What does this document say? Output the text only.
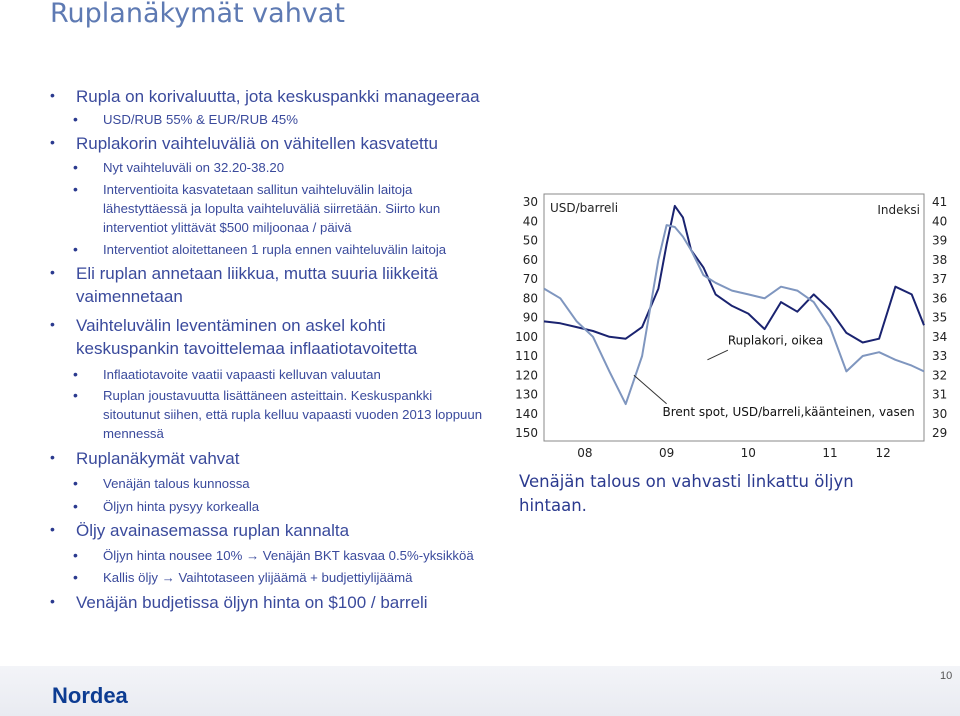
Ruplanäkymät vahvat
• Rupla on korivaluutta, jota keskuspankki manageeraa
• USD/RUB 55% & EUR/RUB 45%
• Ruplakorin vaihteluväliä on vähitellen kasvatettu
• Nyt vaihteluväli on 32.20-38.20
• Interventioita kasvatetaan sallitun vaihteluvälin laitoja
lähestyttäessä ja lopulta vaihteluväliä siirretään. Siirto kun
interventiot ylittävät $500 miljoonaa / päivä
• Interventiot aloitettaneen 1 rupla ennen vaihteluvälin laitoja
• Eli ruplan annetaan liikkua, mutta suuria liikkeitä
vaimennetaan
• Vaihteluvälin leventäminen on askel kohti
keskuspankin tavoittelemaa inflaatiotavoitetta
• Inflaatiotavoite vaatii vapaasti kelluvan valuutan
• Ruplan joustavuutta lisättäneen asteittain. Keskuspankki
sitoutunut siihen, että rupla kelluu vapaasti vuoden 2013 loppuun
mennessä
• Ruplanäkymät vahvat
• Venäjän talous kunnossa
• Öljyn hinta pysyy korkealla
• Öljy avainasemassa ruplan kannalta
• Öljyn hinta nousee 10% → Venäjän BKT kasvaa 0.5%-yksikköä
• Kallis öljy → Vaihtotaseen ylijäämä + budjettiylijäämä
• Venäjän budjetissa öljyn hinta on $100 / barreli
30
40
50
60
70
80
90
100
110
120
130
140
150
41
40
39
38
37
36
35
34
33
32
31
30
29
08	09	10	11	12
USD/barreli	Indeksi
Ruplakori, oikea
Brent spot, USD/barreli,käänteinen, vasen
Venäjän talous on vahvasti linkattu öljyn
hintaan.
Nordea
10
